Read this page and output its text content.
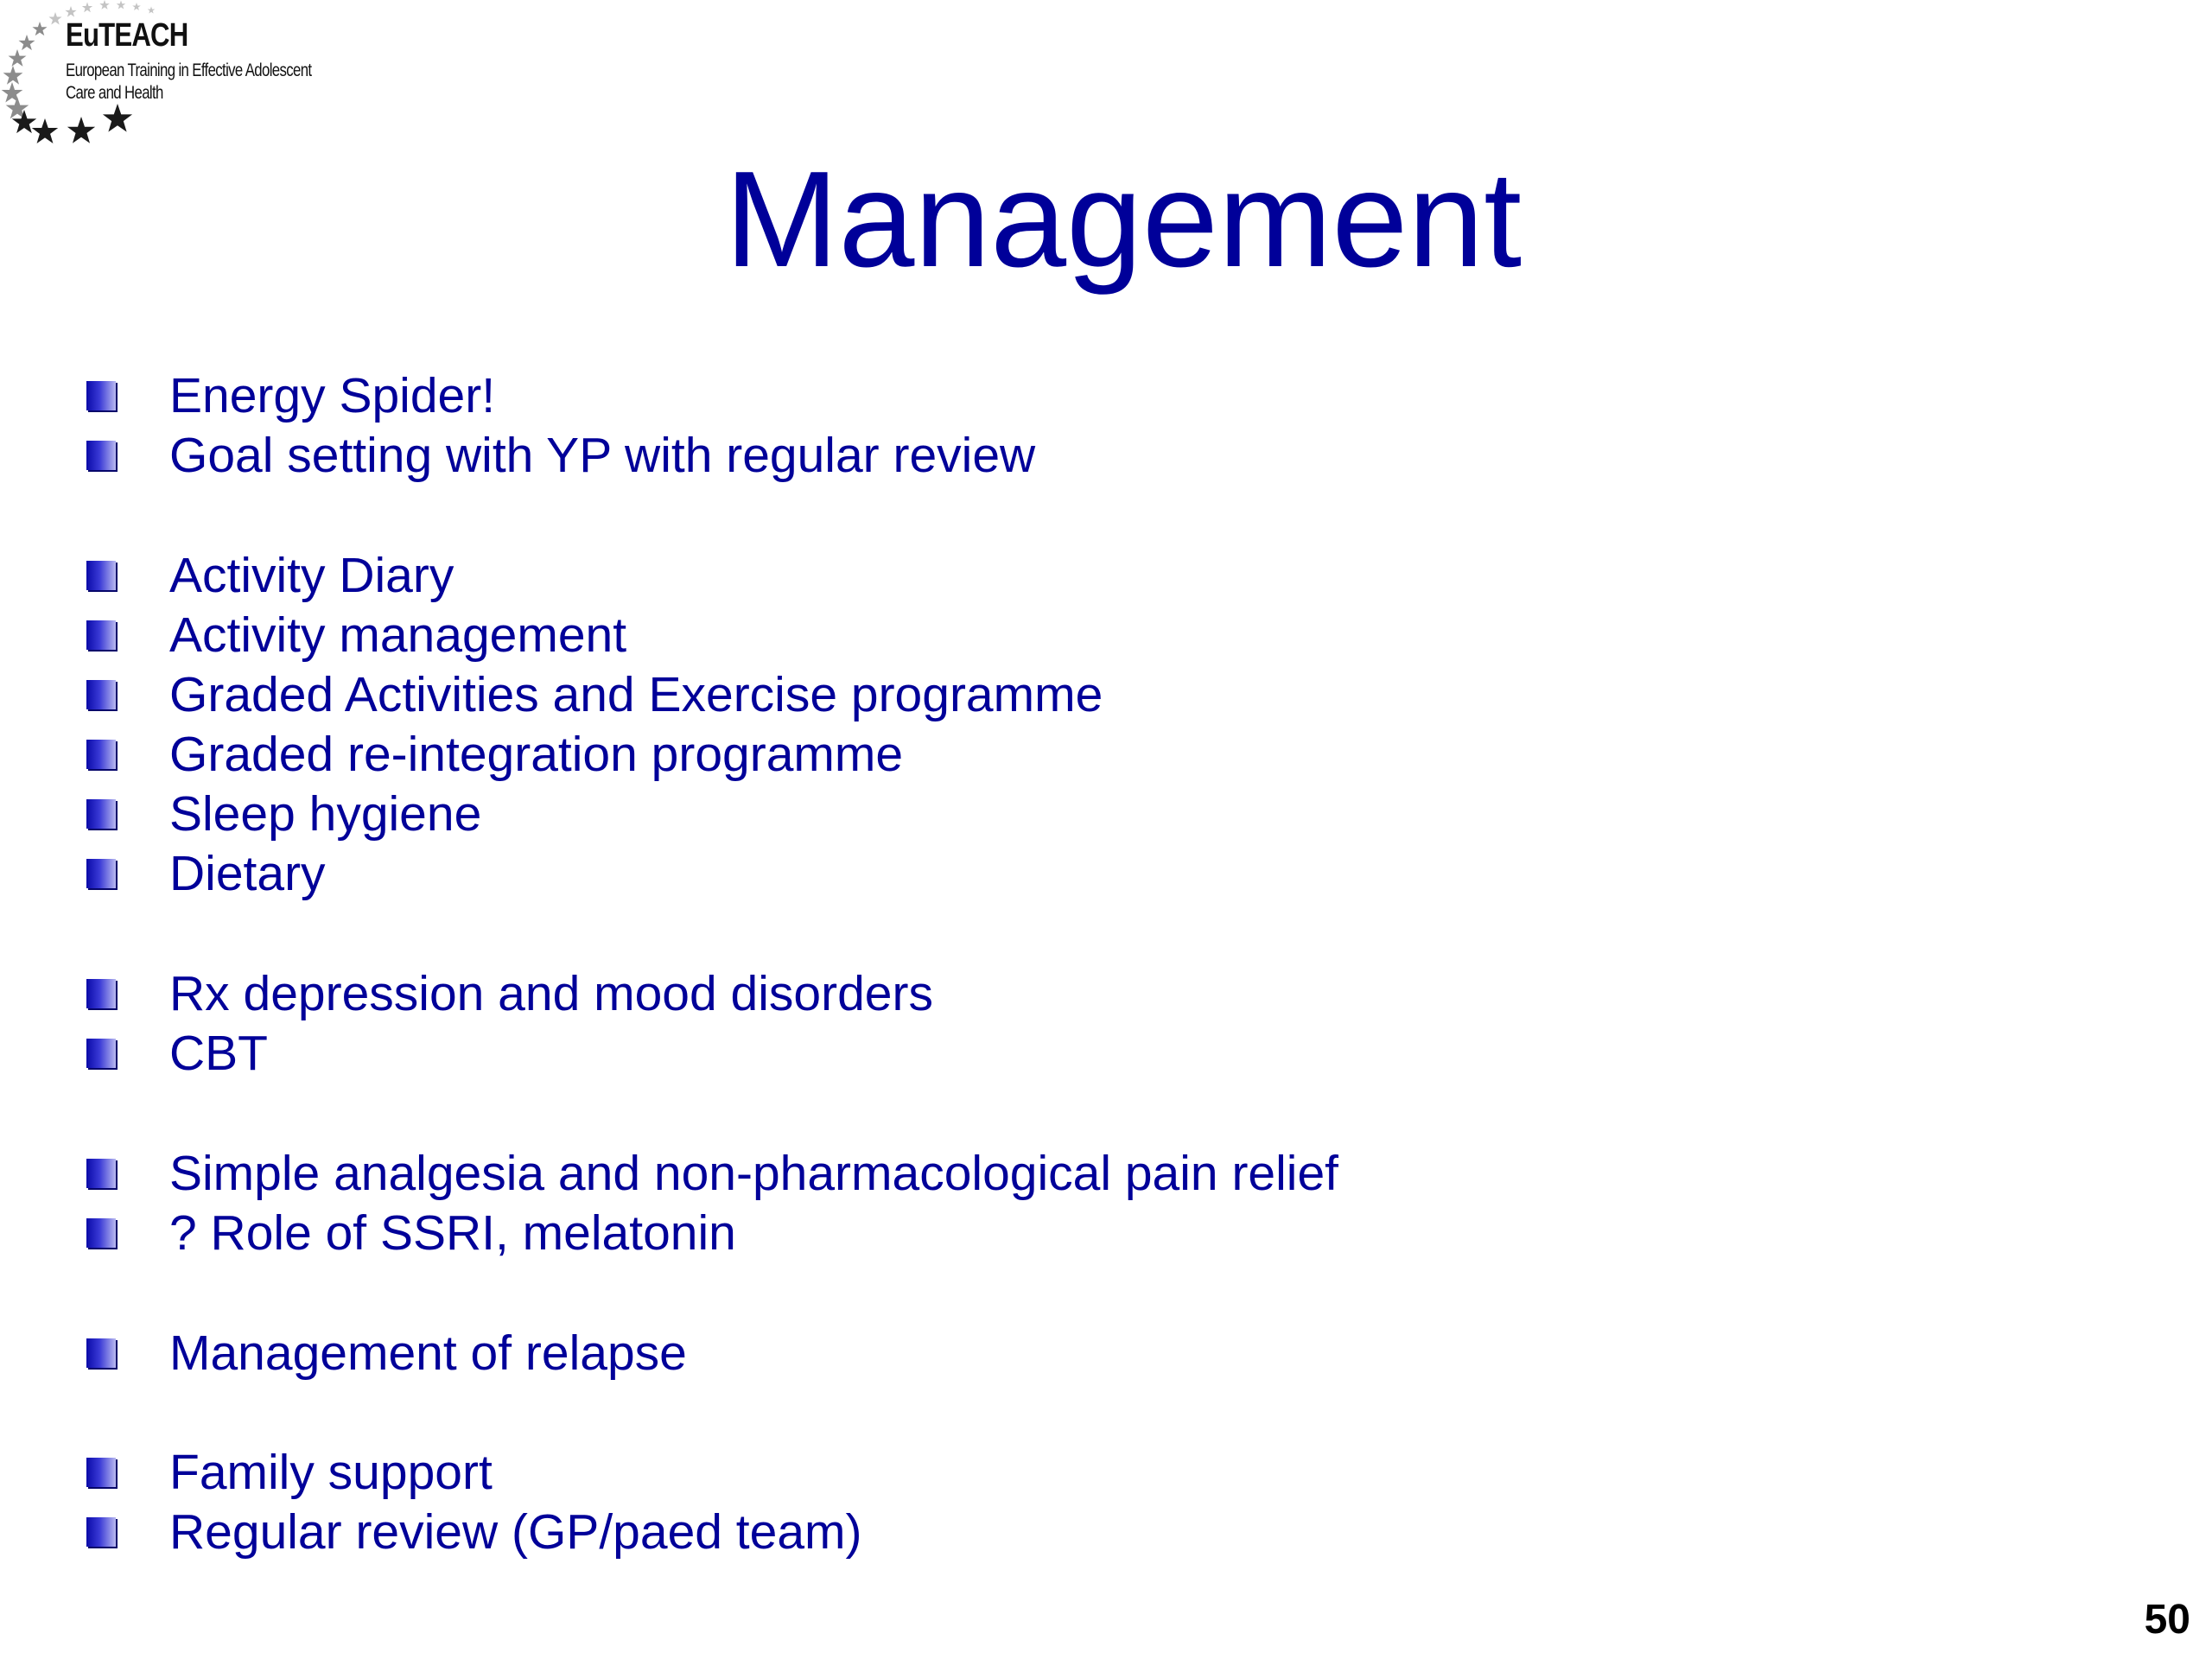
EuTEACH
European Training in Effective Adolescent
Care and Health
Management
Energy Spider!
Goal setting with YP with regular review
Activity Diary
Activity management
Graded Activities and Exercise programme
Graded re-integration programme
Sleep hygiene
Dietary
Rx depression and mood disorders
CBT
Simple analgesia and non-pharmacological pain relief
? Role of SSRI, melatonin
Management of relapse
Family support
Regular review (GP/paed team)
50
